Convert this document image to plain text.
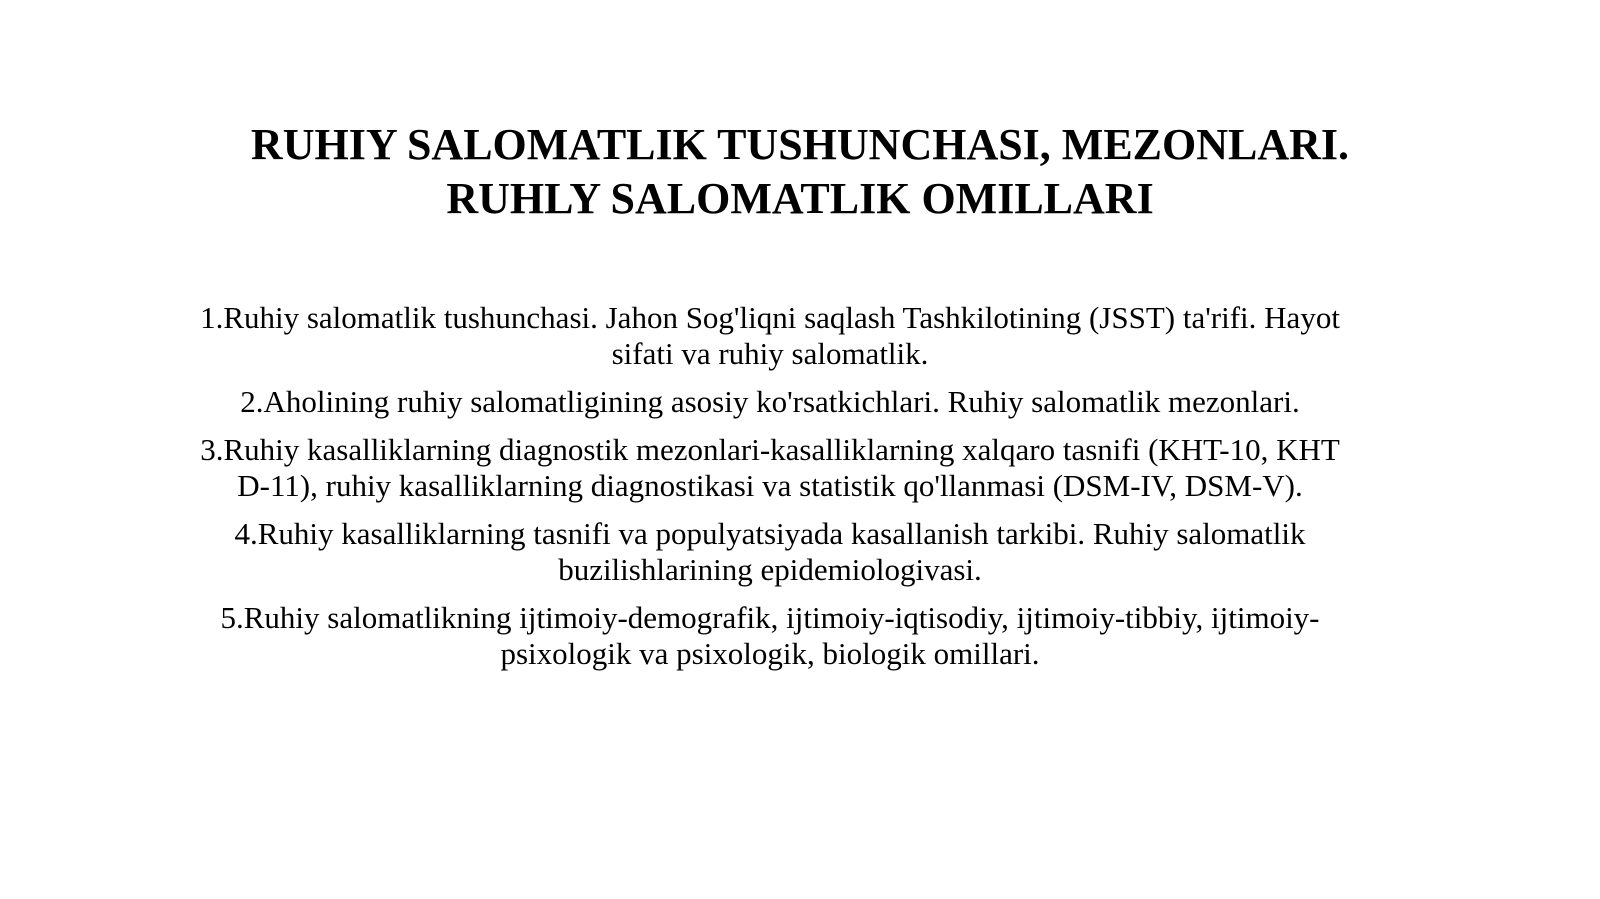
RUHIY SALOMATLIK TUSHUNCHASI, MEZONLARI.

RUHLY SALOMATLIK OMILLARI

1.Ruhiy salomatlik tushunchasi. Jahon Sog'liqni saqlash Tashkilotining (JSST) ta'rifi. Hayot
sifati va ruhiy salomatlik.
2.Aholining ruhiy salomatligining asosiy ko'rsatkichlari. Ruhiy salomatlik mezonlari.
3.Ruhiy kasalliklarning diagnostik mezonlari-kasalliklarning xalqaro tasnifi (KHT-10, KHT
D-11), ruhiy kasalliklarning diagnostikasi va statistik qo'llanmasi (DSM-IV, DSM-V).
4.Ruhiy kasalliklarning tasnifi va populyatsiyada kasallanish tarkibi. Ruhiy salomatlik
buzilishlarining epidemiologivasi.
5.Ruhiy salomatlikning ijtimoiy-demografik, ijtimoiy-iqtisodiy, ijtimoiy-tibbiy, ijtimoiy-
psixologik va psixologik, biologik omillari.
